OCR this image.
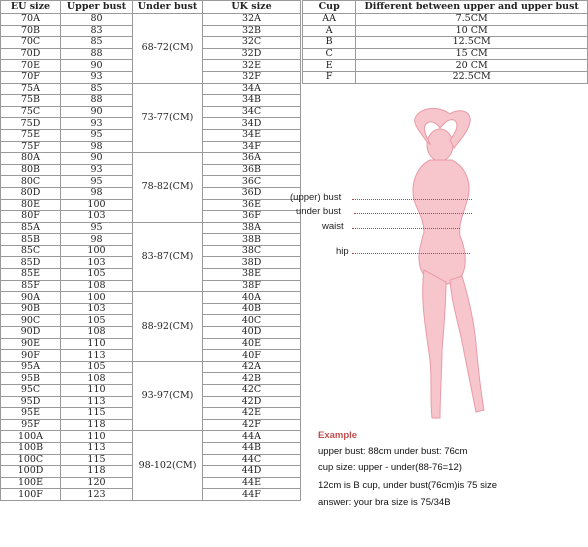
EU size	Upper bust	Under bust	UK size
70A	80	68-72(CM)	32A
70B	83		32B
70C	85		32C
70D	88		32D
70E	90		32E
70F	93		32F
75A	85	73-77(CM)	34A
75B	88		34B
75C	90		34C
75D	93		34D
75E	95		34E
75F	98		34F
80A	90	78-82(CM)	36A
80B	93		36B
80C	95		36C
80D	98		36D
80E	100		36E
80F	103		36F
85A	95	83-87(CM)	38A
85B	98		38B
85C	100		38C
85D	103		38D
85E	105		38E
85F	108		38F
90A	100	88-92(CM)	40A
90B	103		40B
90C	105		40C
90D	108		40D
90E	110		40E
90F	113		40F
95A	105	93-97(CM)	42A
95B	108		42B
95C	110		42C
95D	113		42D
95E	115		42E
95F	118		42F
100A	110	98-102(CM)	44A
100B	113		44B
100C	115		44C
100D	118		44D
100E	120		44E
100F	123		44F
Cup	Different between upper and upper bust
AA	7.5CM
A	10 CM
B	12.5CM
C	15 CM
E	20 CM
F	22.5CM
(upper) bust
under bust
waist
hip
Example
upper bust: 88cm under bust: 76cm
cup size: upper - under(88-76=12)
12cm is B cup, under bust(76cm)is 75 size
answer: your bra size is 75/34B
